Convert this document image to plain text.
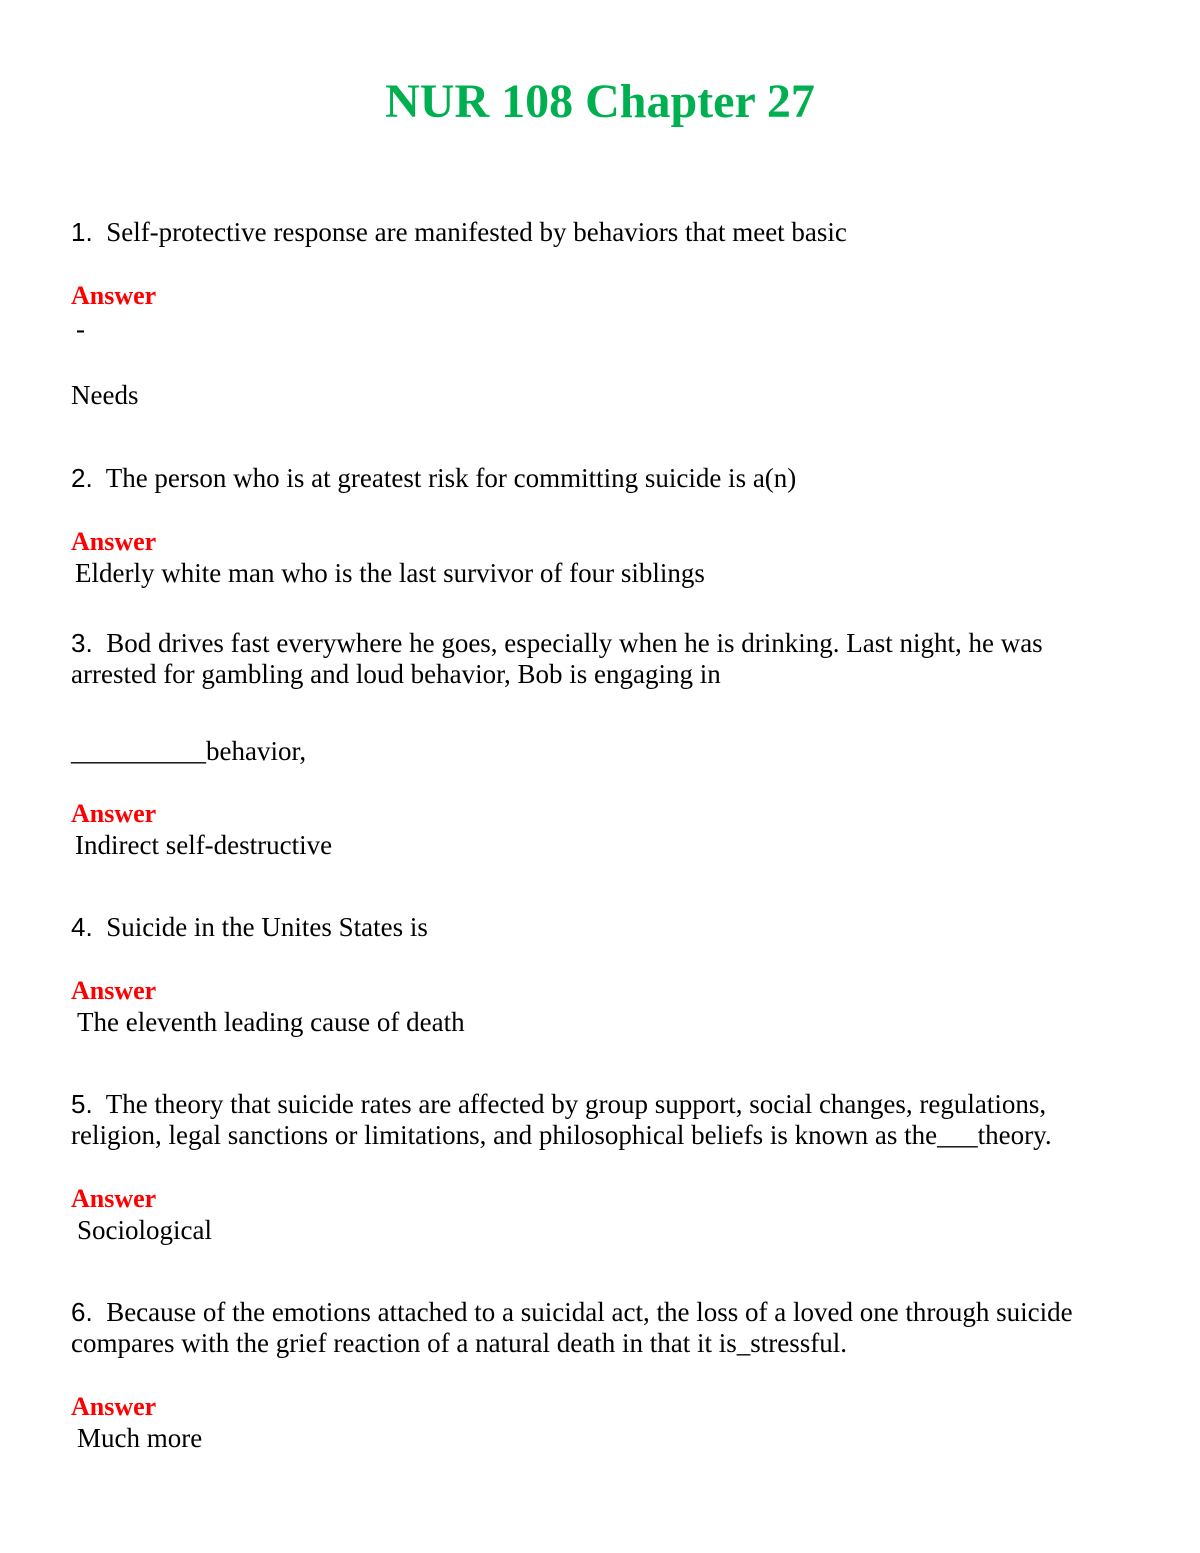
NUR 108 Chapter 27

1. Self-protective response are manifested by behaviors that meet basic

Answer
-
Needs

2. The person who is at greatest risk for committing suicide is a(n)

Answer
Elderly white man who is the last survivor of four siblings

3. Bod drives fast everywhere he goes, especially when he is drinking. Last night, he was arrested for gambling and loud behavior, Bob is engaging in

__________behavior,
Answer
Indirect self-destructive

4. Suicide in the Unites States is

Answer
The eleventh leading cause of death

5. The theory that suicide rates are affected by group support, social changes, regulations, religion, legal sanctions or limitations, and philosophical beliefs is known as the___theory.

Answer
Sociological

6. Because of the emotions attached to a suicidal act, the loss of a loved one through suicide compares with the grief reaction of a natural death in that it is_stressful.

Answer
Much more
